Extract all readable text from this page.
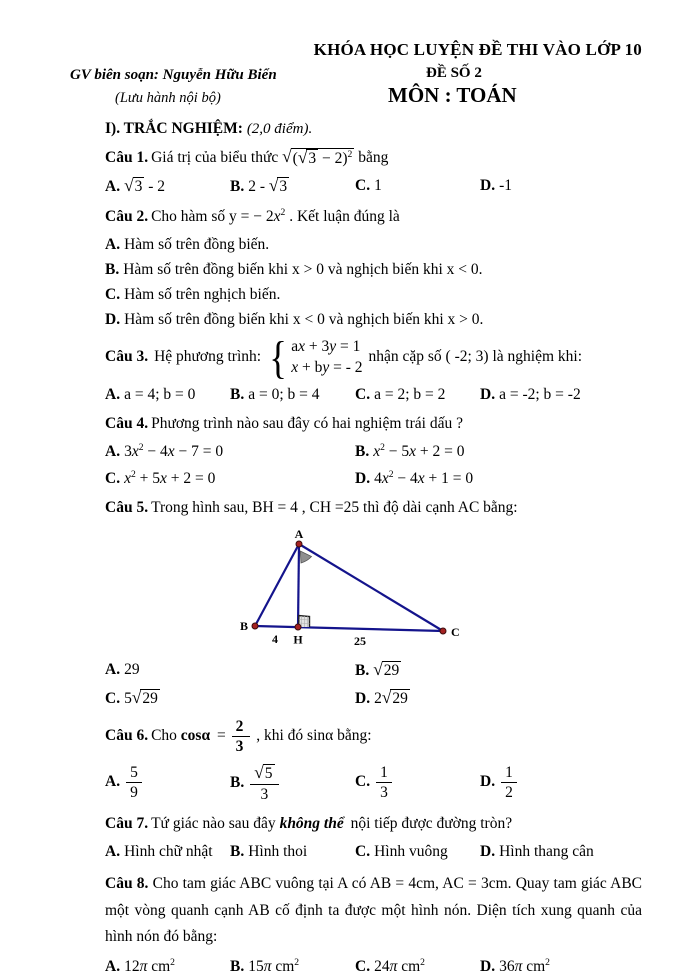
KHÓA HỌC LUYỆN ĐỀ THI VÀO LỚP 10
GV biên soạn: Nguyễn Hữu Biển	ĐỀ SỐ 2
(Lưu hành nội bộ)	MÔN : TOÁN
I). TRẮC NGHIỆM: (2,0 điểm).

Câu 1. Giá trị của biểu thức √ ( √ 3 − 2)$^2$ bằng

A. √ 3 - 2	B. 2 - √ 3	C. 1	D. -1

Câu 2. Cho hàm số y = − $2x^2$ . Kết luận đúng là

A. Hàm số trên đồng biến.
B. Hàm số trên đồng biến khi x > 0 và nghịch biến khi x < 0.
C. Hàm số trên nghịch biến.
D. Hàm số trên đồng biến khi x < 0 và nghịch biến khi x > 0.
Câu 3. Hệ phương trình: { ax + 3y = 1
x + by = - 2
nhận cặp số ( -2; 3) là nghiệm khi:
A. a = 4; b = 0	B. a = 0; b = 4	C. a = 2; b = 2	D. a = -2; b = -2

Câu 4. Phương trình nào sau đây có hai nghiệm trái dấu ?

A. $3x^2 - 4x - 7 = 0$	B. $x^2 - 5x + 2 = 0$
C. $x^2 + 5x + 2 = 0$	D. $4x^2 - 4x + 1 = 0$

Câu 5. Trong hình sau, BH = 4 , CH =25 thì độ dài cạnh AC bằng:

A
B
H
C
4	25
A. 29	B. √ 29
C. 5 √ 29	D. 2 √ 29

Câu 6. Cho $\cos\alpha = \frac{2}{3}$ , khi đó sinα bằng:

A. $\frac{5}{9}$	B. $\frac{√ 5}{3}$	C. $\frac{1}{3}$	D. $\frac{1}{2}$

Câu 7. Tứ giác nào sau đây không thể nội tiếp được đường tròn?

A. Hình chữ nhật	B. Hình thoi	C. Hình vuông	D. Hình thang cân

Câu 8. Cho tam giác ABC vuông tại A có AB = 4cm, AC = 3cm. Quay tam giác ABC một vòng quanh cạnh AB cố định ta được một hình nón. Diện tích xung quanh của hình nón đó bằng:

A. 12π $cm^2$	B. 15π $cm^2$	C. 24π $cm^2$	D. 36π $cm^2$
